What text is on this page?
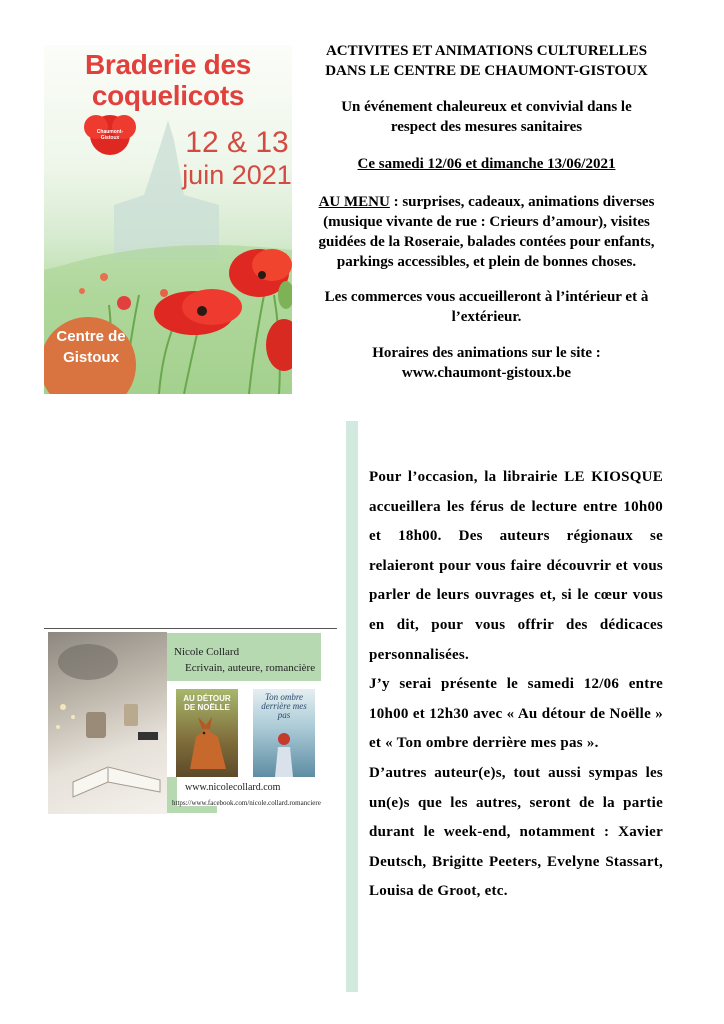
Braderie des
coquelicots
Chaumont-
Gistoux 12 & 13
juin 2021
Centre de
Gistoux

ACTIVITES ET ANIMATIONS CULTURELLES
DANS LE CENTRE DE CHAUMONT-GISTOUX

Un événement chaleureux et convivial dans le
respect des mesures sanitaires

Ce samedi 12/06 et dimanche 13/06/2021

AU MENU : surprises, cadeaux, animations diverses
(musique vivante de rue : Crieurs d’amour), visites
guidées de la Roseraie, balades contées pour enfants,
parkings accessibles, et plein de bonnes choses.

Les commerces vous accueilleront à l’intérieur et à
l’extérieur.

Horaires des animations sur le site :
www.chaumont-gistoux.be

Pour l’occasion, la librairie LE KIOSQUE accueillera les férus de lecture entre 10h00 et 18h00. Des auteurs régionaux se relaieront pour vous faire découvrir et vous parler de leurs ouvrages et, si le cœur vous en dit, pour vous offrir des dédicaces personnalisées.

J’y serai présente le samedi 12/06 entre 10h00 et 12h30 avec « Au détour de Noëlle » et « Ton ombre derrière mes pas ».

D’autres auteur(e)s, tout aussi sympas les un(e)s que les autres, seront de la partie durant le week-end, notamment : Xavier Deutsch, Brigitte Peeters, Evelyne Stassart, Louisa de Groot, etc.

Nicole Collard
Ecrivain, auteure, romancière
AU DÉTOUR
DE NOËLLE
Ton ombre
derrière mes pas
www.nicolecollard.com
https://www.facebook.com/nicole.collard.romanciere
